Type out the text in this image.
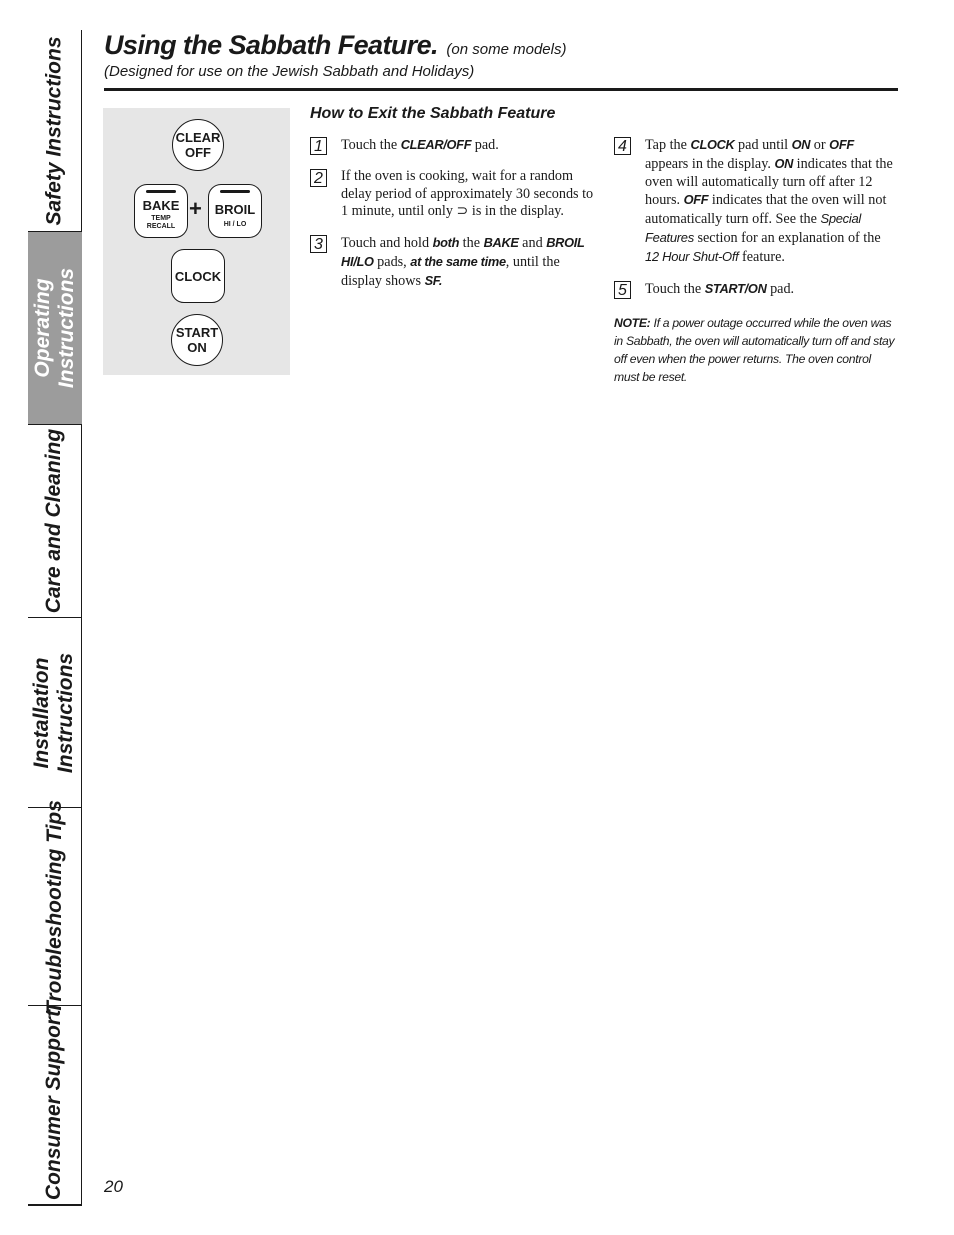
Safety Instructions
Operating Instructions
Care and Cleaning
Installation Instructions
Troubleshooting Tips
Consumer Support
Using the Sabbath Feature. (on some models)
(Designed for use on the Jewish Sabbath and Holidays)
CLEAR
OFF
BAKE
TEMP
RECALL
+ BROIL
HI / LO
CLOCK
START
ON
How to Exit the Sabbath Feature
1 Touch the CLEAR/OFF pad.
2 If the oven is cooking, wait for a random delay period of approximately 30 seconds to 1 minute, until only ⊃ is in the display.
3 Touch and hold both the BAKE and BROIL HI/LO pads, at the same time, until the display shows SF.
4 Tap the CLOCK pad until ON or OFF appears in the display. ON indicates that the oven will automatically turn off after 12 hours. OFF indicates that the oven will not automatically turn off. See the Special Features section for an explanation of the 12 Hour Shut-Off feature.
5 Touch the START/ON pad.
NOTE: If a power outage occurred while the oven was in Sabbath, the oven will automatically turn off and stay off even when the power returns. The oven control must be reset.
20
